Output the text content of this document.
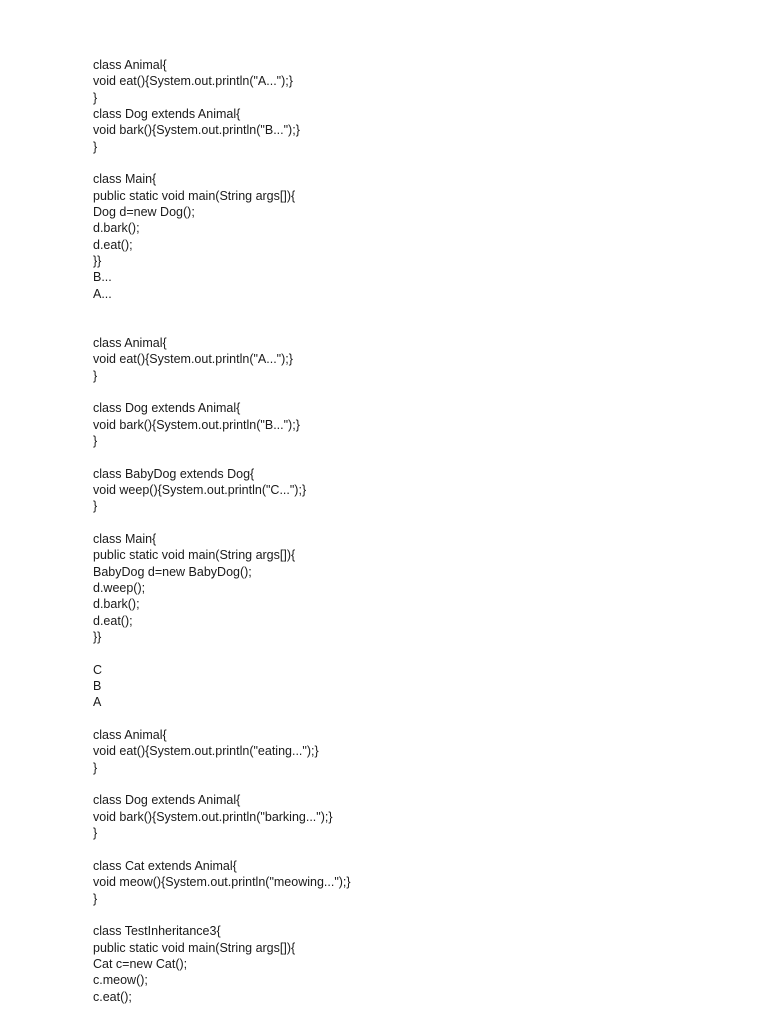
class Animal{
void eat(){System.out.println("A...");}
}
class Dog extends Animal{
void bark(){System.out.println("B...");}
}
class Main{
public static void main(String args[]){
Dog d=new Dog();
d.bark();
d.eat();
}}
B...
A...
class Animal{
void eat(){System.out.println("A...");}
}
class Dog extends Animal{
void bark(){System.out.println("B...");}
}
class BabyDog extends Dog{
void weep(){System.out.println("C...");}
}
class Main{
public static void main(String args[]){
BabyDog d=new BabyDog();
d.weep();
d.bark();
d.eat();
}}
C
B
A
class Animal{
void eat(){System.out.println("eating...");}
}
class Dog extends Animal{
void bark(){System.out.println("barking...");}
}
class Cat extends Animal{
void meow(){System.out.println("meowing...");}
}
class TestInheritance3{
public static void main(String args[]){
Cat c=new Cat();
c.meow();
c.eat();
